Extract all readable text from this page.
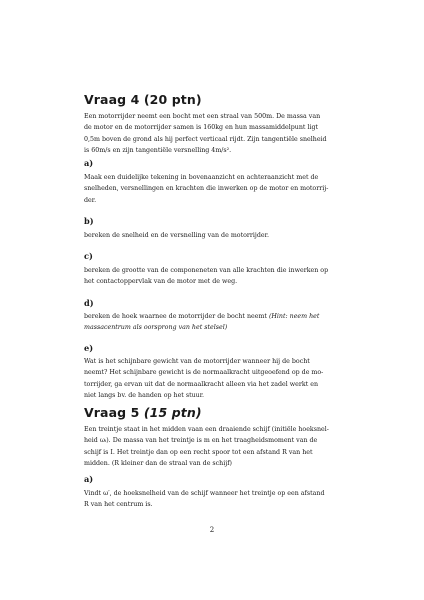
Vraag 4 (20 ptn)
Een motorrijder neemt een bocht met een straal van 500m. De massa van
de motor en de motorrijder samen is 160kg en hun massamiddelpunt ligt
0,5m boven de grond als hij perfect verticaal rijdt. Zijn tangentiële snelheid
is 60m/s en zijn tangentiële versnelling 4m/s².
a)
Maak een duidelijke tekening in bovenaanzicht en achteraanzicht met de
snelheden, versnellingen en krachten die inwerken op de motor en motorrij-
der.
b)
bereken de snelheid en de versnelling van de motorrijder.
c)
bereken de grootte van de componeneten van alle krachten die inwerken op
het contactoppervlak van de motor met de weg.
d)
bereken de hoek waarnee de motorrijder de bocht neemt (Hint: neem het
massacentrum als oorsprong van het stelsel)
e)
Wat is het schijnbare gewicht van de motorrijder wanneer hij de bocht
neemt? Het schijnbare gewicht is de normaalkracht uitgeoefend op de mo-
torrijder, ga ervan uit dat de normaalkracht alleen via het zadel werkt en
niet langs bv. de handen op het stuur.
Vraag 5 (15 ptn)
Een treintje staat in het midden vaan een draaiende schijf (initiële hoeksnel-
heid ωᵢ). De massa van het treintje is m en het traagheidsmoment van de
schijf is I. Het treintje dan op een recht spoor tot een afstand R van het
midden. (R kleiner dan de straal van de schijf)
a)
Vindt ω′, de hoeksnelheid van de schijf wanneer het treintje op een afstand
R van het centrum is.

2
